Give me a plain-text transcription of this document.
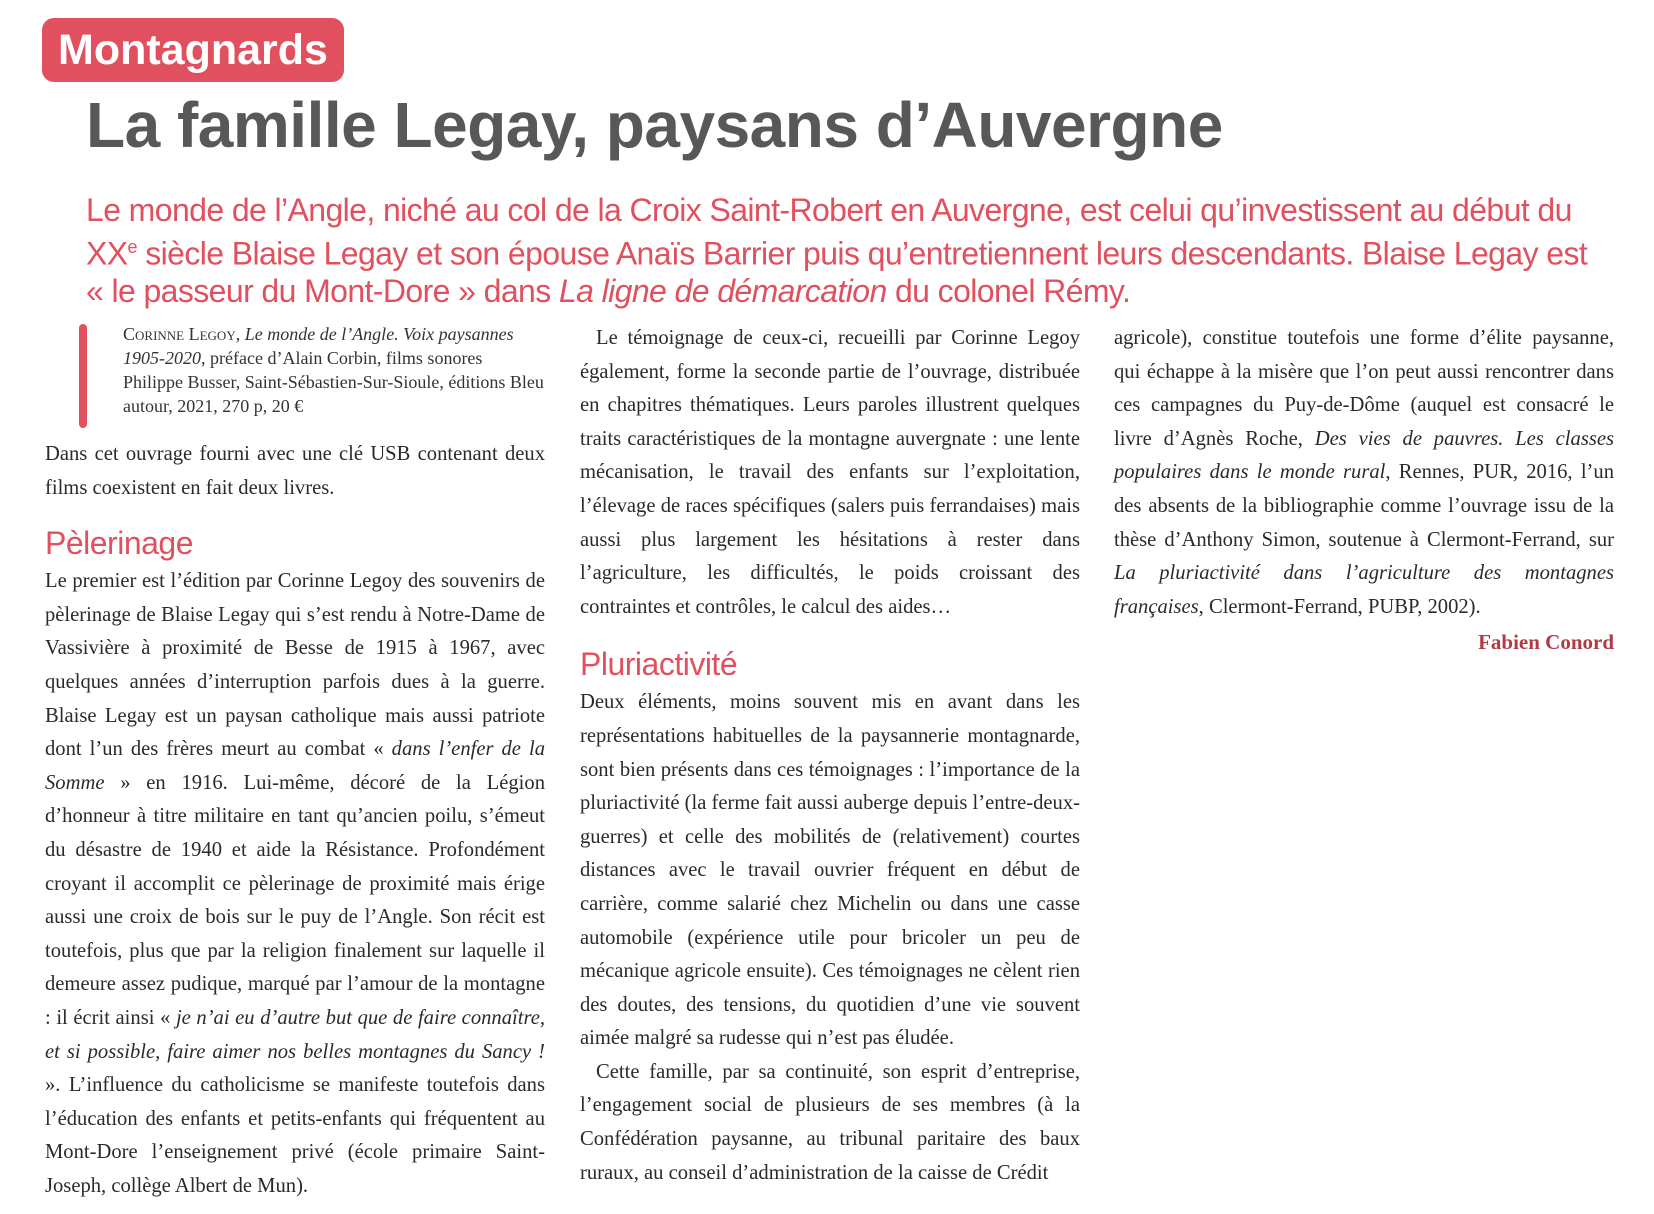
Montagnards
La famille Legay, paysans d’Auvergne

Le monde de l’Angle, niché au col de la Croix Saint-Robert en Auvergne, est celui qu’investissent au début du XXe siècle Blaise Legay et son épouse Anaïs Barrier puis qu’entretiennent leurs descendants. Blaise Legay est « le passeur du Mont-Dore » dans La ligne de démarcation du colonel Rémy.

Corinne Legoy, Le monde de l’Angle. Voix paysannes 1905-2020, préface d’Alain Corbin, films sonores Philippe Busser, Saint-Sébastien-Sur-Sioule, éditions Bleu autour, 2021, 270 p, 20 €

Dans cet ouvrage fourni avec une clé USB contenant deux films coexistent en fait deux livres.

Pèlerinage

Le premier est l’édition par Corinne Legoy des souvenirs de pèlerinage de Blaise Legay qui s’est rendu à Notre-Dame de Vassivière à proximité de Besse de 1915 à 1967, avec quelques années d’interruption parfois dues à la guerre. Blaise Legay est un paysan catholique mais aussi patriote dont l’un des frères meurt au combat « dans l’enfer de la Somme » en 1916. Lui-même, décoré de la Légion d’honneur à titre militaire en tant qu’ancien poilu, s’émeut du désastre de 1940 et aide la Résistance. Profondément croyant il accomplit ce pèlerinage de proximité mais érige aussi une croix de bois sur le puy de l’Angle. Son récit est toutefois, plus que par la religion finalement sur laquelle il demeure assez pudique, marqué par l’amour de la montagne : il écrit ainsi « je n’ai eu d’autre but que de faire connaître, et si possible, faire aimer nos belles montagnes du Sancy ! ». L’influence du catholicisme se manifeste toutefois dans l’éducation des enfants et petits-enfants qui fréquentent au Mont-Dore l’enseignement privé (école primaire Saint-Joseph, collège Albert de Mun).

Le témoignage de ceux-ci, recueilli par Corinne Legoy également, forme la seconde partie de l’ouvrage, distribuée en chapitres thématiques. Leurs paroles illustrent quelques traits caractéristiques de la montagne auvergnate : une lente mécanisation, le travail des enfants sur l’exploitation, l’élevage de races spécifiques (salers puis ferrandaises) mais aussi plus largement les hésitations à rester dans l’agriculture, les difficultés, le poids croissant des contraintes et contrôles, le calcul des aides…

Pluriactivité

Deux éléments, moins souvent mis en avant dans les représentations habituelles de la paysannerie montagnarde, sont bien présents dans ces témoignages : l’importance de la pluriactivité (la ferme fait aussi auberge depuis l’entre-deux-guerres) et celle des mobilités de (relativement) courtes distances avec le travail ouvrier fréquent en début de carrière, comme salarié chez Michelin ou dans une casse automobile (expérience utile pour bricoler un peu de mécanique agricole ensuite). Ces témoignages ne cèlent rien des doutes, des tensions, du quotidien d’une vie souvent aimée malgré sa rudesse qui n’est pas éludée.

Cette famille, par sa continuité, son esprit d’entreprise, l’engagement social de plusieurs de ses membres (à la Confédération paysanne, au tribunal paritaire des baux ruraux, au conseil d’administration de la caisse de Crédit

agricole), constitue toutefois une forme d’élite paysanne, qui échappe à la misère que l’on peut aussi rencontrer dans ces campagnes du Puy-de-Dôme (auquel est consacré le livre d’Agnès Roche, Des vies de pauvres. Les classes populaires dans le monde rural, Rennes, PUR, 2016, l’un des absents de la bibliographie comme l’ouvrage issu de la thèse d’Anthony Simon, soutenue à Clermont-Ferrand, sur La pluriactivité dans l’agriculture des montagnes françaises, Clermont-Ferrand, PUBP, 2002).

Fabien Conord
